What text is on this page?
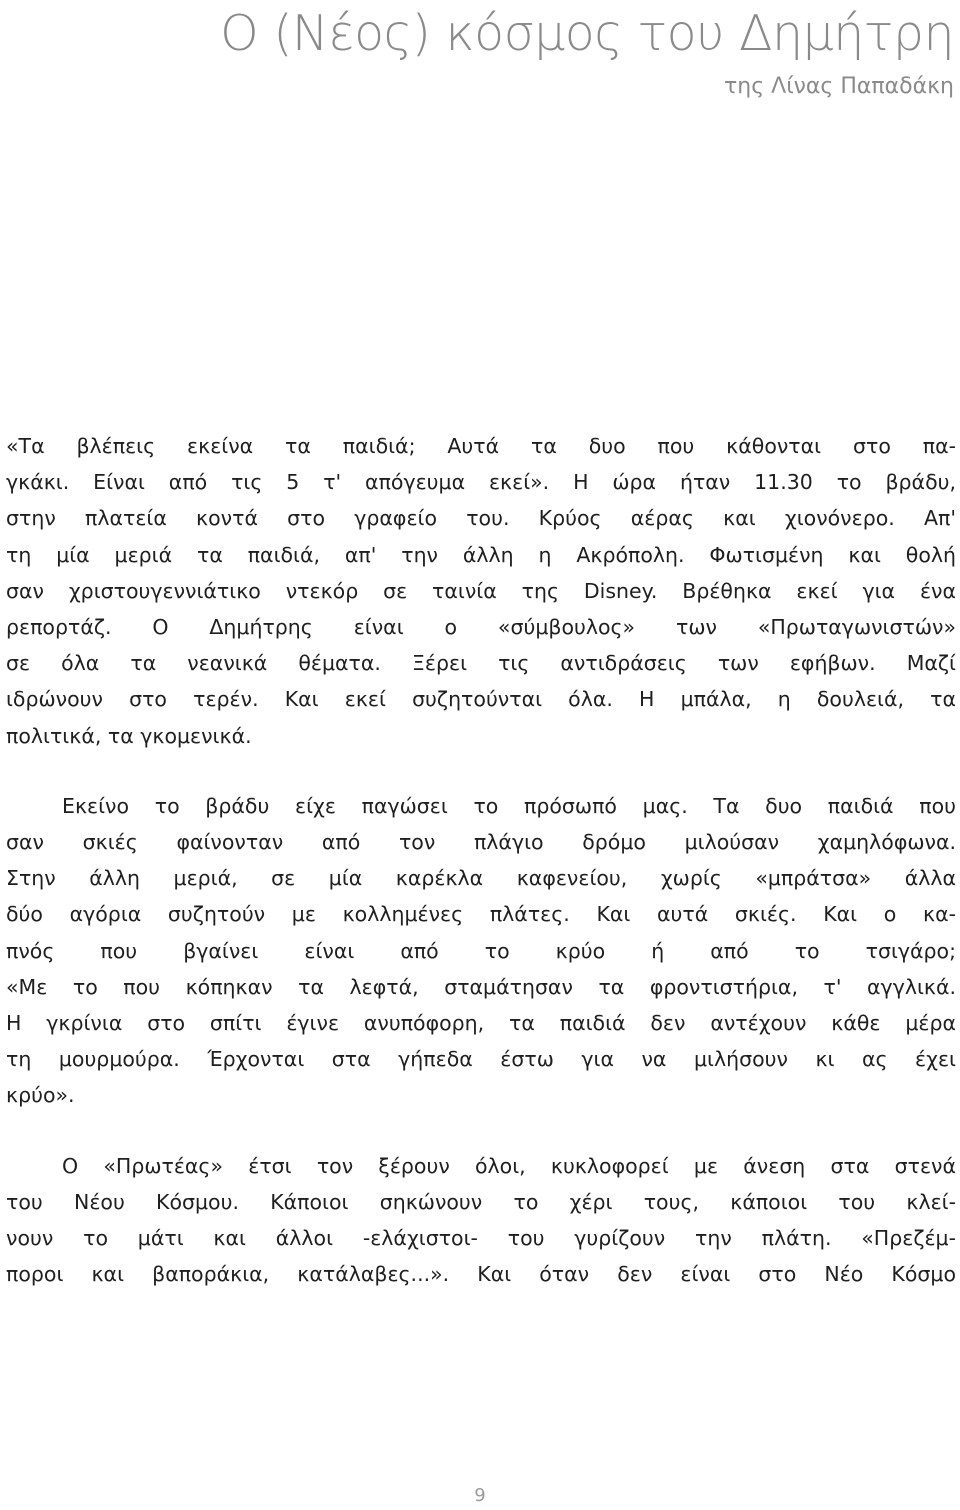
Ο (Νέος) κόσμος του Δημήτρη

της Λίνας Παπαδάκη

«Τα βλέπεις εκείνα τα παιδιά; Αυτά τα δυο που κάθονται στο πα-
γκάκι. Είναι από τις 5 τ' απόγευμα εκεί». Η ώρα ήταν 11.30 το βράδυ,
στην πλατεία κοντά στο γραφείο του. Κρύος αέρας και χιονόνερο. Απ'
τη μία μεριά τα παιδιά, απ' την άλλη η Ακρόπολη. Φωτισμένη και θολή
σαν χριστουγεννιάτικο ντεκόρ σε ταινία της Disney. Βρέθηκα εκεί για ένα
ρεπορτάζ. Ο Δημήτρης είναι ο «σύμβουλος» των «Πρωταγωνιστών»
σε όλα τα νεανικά θέματα. Ξέρει τις αντιδράσεις των εφήβων. Μαζί
ιδρώνουν στο τερέν. Και εκεί συζητούνται όλα. Η μπάλα, η δουλειά, τα
πολιτικά, τα γκομενικά.

Εκείνο το βράδυ είχε παγώσει το πρόσωπό μας. Τα δυο παιδιά που
σαν σκιές φαίνονταν από τον πλάγιο δρόμο μιλούσαν χαμηλόφωνα.
Στην άλλη μεριά, σε μία καρέκλα καφενείου, χωρίς «μπράτσα» άλλα
δύο αγόρια συζητούν με κολλημένες πλάτες. Και αυτά σκιές. Και ο κα-
πνός που βγαίνει είναι από το κρύο ή από το τσιγάρο;
«Με το που κόπηκαν τα λεφτά, σταμάτησαν τα φροντιστήρια, τ' αγγλικά.
Η γκρίνια στο σπίτι έγινε ανυπόφορη, τα παιδιά δεν αντέχουν κάθε μέρα
τη μουρμούρα. Έρχονται στα γήπεδα έστω για να μιλήσουν κι ας έχει
κρύο».

Ο «Πρωτέας» έτσι τον ξέρουν όλοι, κυκλοφορεί με άνεση στα στενά
του Νέου Κόσμου. Κάποιοι σηκώνουν το χέρι τους, κάποιοι του κλεί-
νουν το μάτι και άλλοι -ελάχιστοι- του γυρίζουν την πλάτη. «Πρεζέμ-
ποροι και βαποράκια, κατάλαβες...». Και όταν δεν είναι στο Νέο Κόσμο

9
